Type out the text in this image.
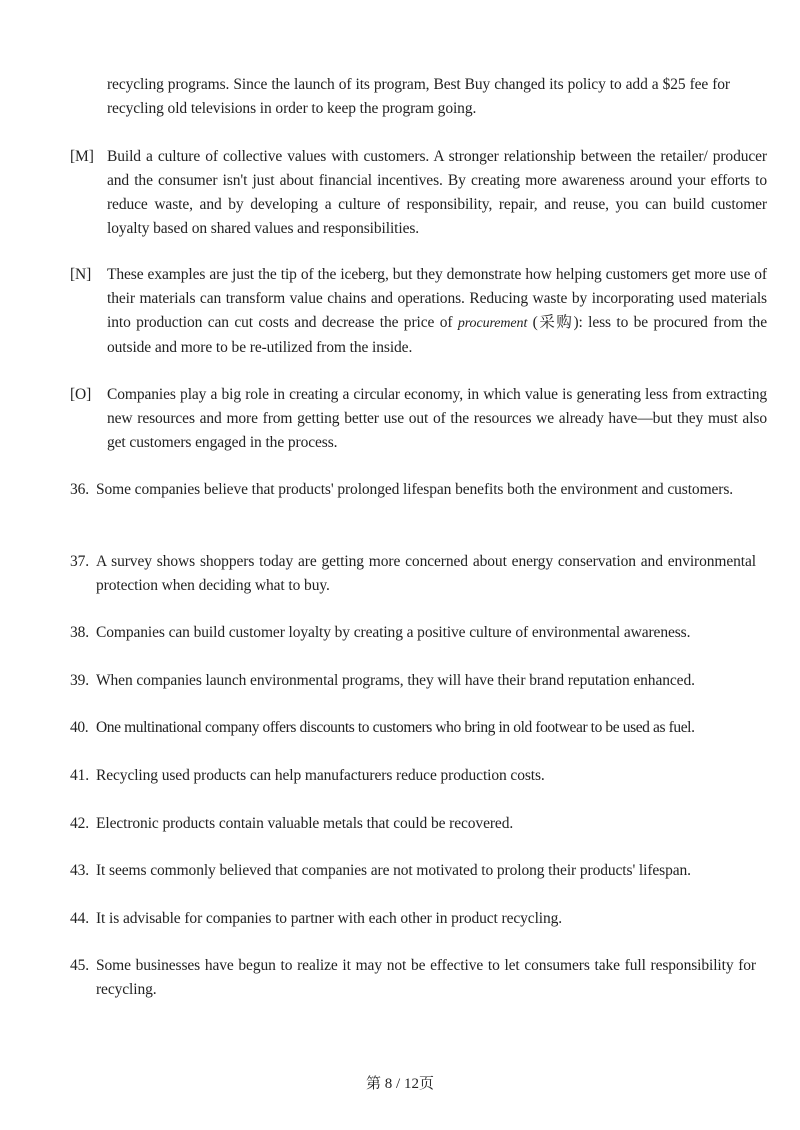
recycling programs. Since the launch of its program, Best Buy changed its policy to add a $25 fee for recycling old televisions in order to keep the program going.
[M] Build a culture of collective values with customers. A stronger relationship between the retailer/ producer and the consumer isn't just about financial incentives. By creating more awareness around your efforts to reduce waste, and by developing a culture of responsibility, repair, and reuse, you can build customer loyalty based on shared values and responsibilities.
[N] These examples are just the tip of the iceberg, but they demonstrate how helping customers get more use of their materials can transform value chains and operations. Reducing waste by incorporating used materials into production can cut costs and decrease the price of procurement (采购): less to be procured from the outside and more to be re-utilized from the inside.
[O] Companies play a big role in creating a circular economy, in which value is generating less from extracting new resources and more from getting better use out of the resources we already have—but they must also get customers engaged in the process.
36. Some companies believe that products' prolonged lifespan benefits both the environment and customers.
37. A survey shows shoppers today are getting more concerned about energy conservation and environmental protection when deciding what to buy.
38. Companies can build customer loyalty by creating a positive culture of environmental awareness.
39. When companies launch environmental programs, they will have their brand reputation enhanced.
40. One multinational company offers discounts to customers who bring in old footwear to be used as fuel.
41. Recycling used products can help manufacturers reduce production costs.
42. Electronic products contain valuable metals that could be recovered.
43. It seems commonly believed that companies are not motivated to prolong their products' lifespan.
44. It is advisable for companies to partner with each other in product recycling.
45. Some businesses have begun to realize it may not be effective to let consumers take full responsibility for recycling.
第 8 / 12页
